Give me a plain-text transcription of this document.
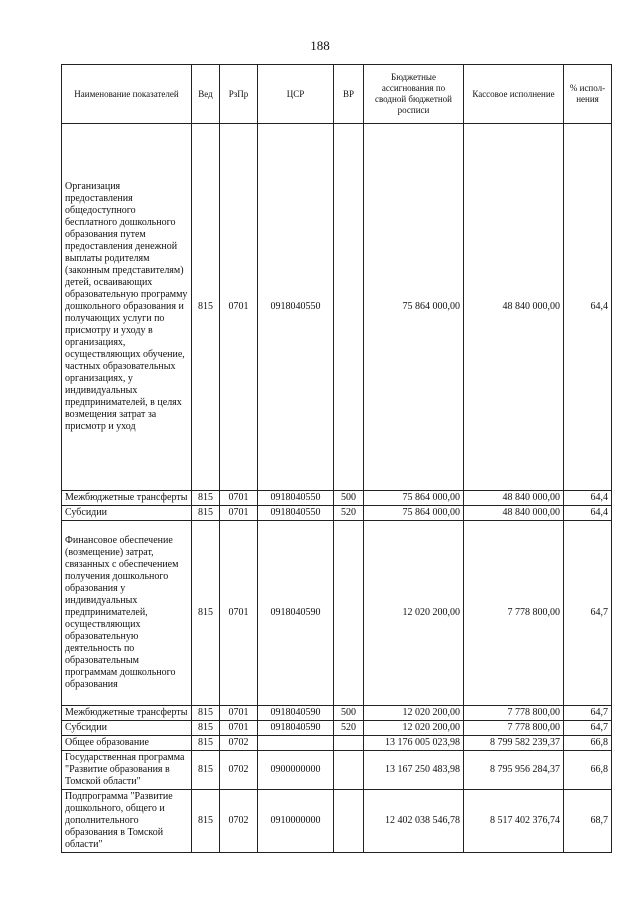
188
Наименование показателей	Вед	РзПр	ЦСР	ВР	Бюджетные ассигнования по сводной бюджетной росписи	Кассовое исполнение	% испол-нения
Организация предоставления общедоступного бесплатного дошкольного образования путем предоставления денежной выплаты родителям (законным представителям) детей, осваивающих образовательную программу дошкольного образования и получающих услуги по присмотру и уходу в организациях, осуществляющих обучение, частных образовательных организациях, у индивидуальных предпринимателей, в целях возмещения затрат за присмотр и уход	815	0701	0918040550		75 864 000,00	48 840 000,00	64,4
Межбюджетные трансферты	815	0701	0918040550	500	75 864 000,00	48 840 000,00	64,4
Субсидии	815	0701	0918040550	520	75 864 000,00	48 840 000,00	64,4
Финансовое обеспечение (возмещение) затрат, связанных с обеспечением получения дошкольного образования у индивидуальных предпринимателей, осуществляющих образовательную деятельность по образовательным программам дошкольного образования	815	0701	0918040590		12 020 200,00	7 778 800,00	64,7
Межбюджетные трансферты	815	0701	0918040590	500	12 020 200,00	7 778 800,00	64,7
Субсидии	815	0701	0918040590	520	12 020 200,00	7 778 800,00	64,7
Общее образование	815	0702			13 176 005 023,98	8 799 582 239,37	66,8
Государственная программа "Развитие образования в Томской области"	815	0702	0900000000		13 167 250 483,98	8 795 956 284,37	66,8
Подпрограмма "Развитие дошкольного, общего и дополнительного образования в Томской области"	815	0702	0910000000		12 402 038 546,78	8 517 402 376,74	68,7
